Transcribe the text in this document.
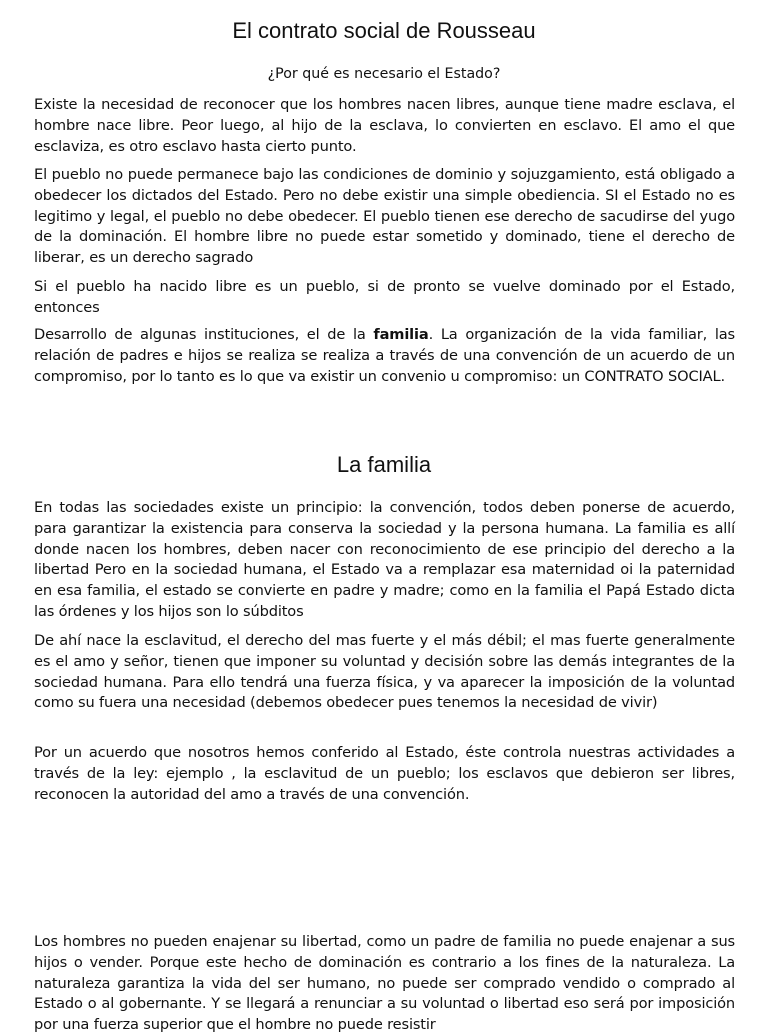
El contrato social de Rousseau

¿Por qué es necesario el Estado?

Existe la necesidad de reconocer que los hombres nacen libres, aunque tiene madre esclava, el hombre nace libre. Peor luego, al hijo de la esclava, lo convierten en esclavo. El amo el que esclaviza, es otro esclavo hasta cierto punto.

El pueblo no puede permanece bajo las condiciones de dominio y sojuzgamiento, está obligado a obedecer los dictados del Estado. Pero no debe existir una simple obediencia. SI el Estado no es legitimo y legal, el pueblo no debe obedecer. El pueblo tienen ese derecho de sacudirse del yugo de la dominación. El hombre libre no puede estar sometido y dominado, tiene el derecho de liberar, es un derecho sagrado

Si el pueblo ha nacido libre es un pueblo, si de pronto se vuelve dominado por el Estado, entonces

Desarrollo de algunas instituciones, el de la familia. La organización de la vida familiar, las relación de padres e hijos se realiza se realiza a través de una convención de un acuerdo de un compromiso, por lo tanto es lo que va existir un convenio u compromiso: un CONTRATO SOCIAL.

La familia

En todas las sociedades existe un principio: la convención, todos deben ponerse de acuerdo, para garantizar la existencia para conserva la sociedad y la persona humana. La familia es allí donde nacen los hombres, deben nacer con reconocimiento de ese principio del derecho a la libertad Pero en la sociedad humana, el Estado va a remplazar esa maternidad oi la paternidad en esa familia, el estado se convierte en padre y madre; como en la familia el Papá Estado dicta las órdenes y los hijos son lo súbditos

De ahí nace la esclavitud, el derecho del mas fuerte y el más débil; el mas fuerte generalmente es el amo y señor, tienen que imponer su voluntad y decisión sobre las demás integrantes de la sociedad humana. Para ello tendrá una fuerza física, y va aparecer la imposición de la voluntad como su fuera una necesidad (debemos obedecer pues tenemos la necesidad de vivir)

Por un acuerdo que nosotros hemos conferido al Estado, éste controla nuestras actividades a través de la ley: ejemplo , la esclavitud de un pueblo; los esclavos que debieron ser libres, reconocen la autoridad del amo a través de una convención.

Los hombres no pueden enajenar su libertad, como un padre de familia no puede enajenar a sus hijos o vender. Porque este hecho de dominación es contrario a los fines de la naturaleza. La naturaleza garantiza la vida del ser humano, no puede ser comprado vendido o comprado al Estado o al gobernante. Y se llegará a renunciar a su voluntad o libertad eso será por imposición por una fuerza superior que el hombre no puede resistir
